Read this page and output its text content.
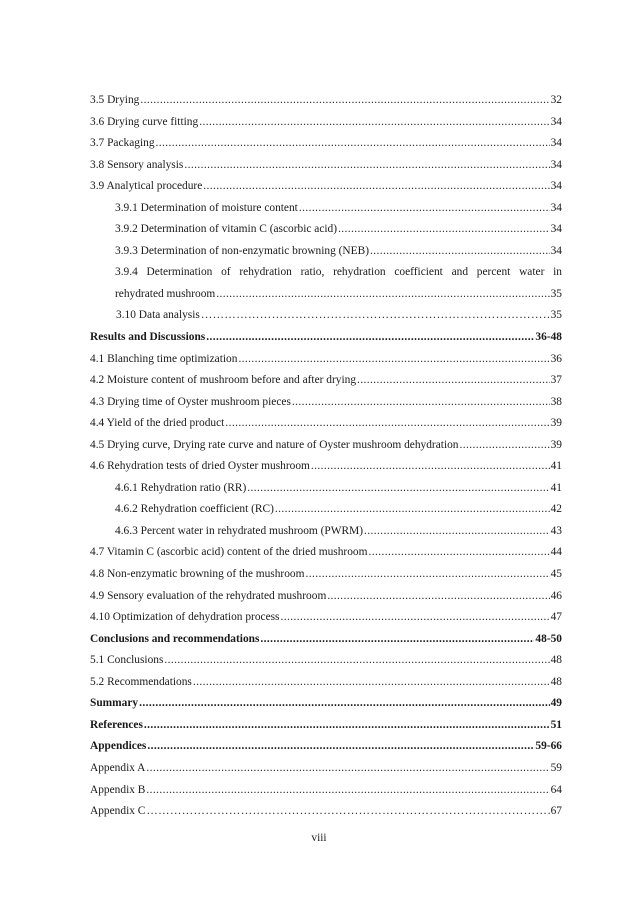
3.5 Drying .....	32
3.6 Drying curve fitting .....	34
3.7 Packaging .....	34
3.8 Sensory analysis .....	34
3.9 Analytical procedure .....	34
3.9.1 Determination of moisture content .....	34
3.9.2 Determination of vitamin C (ascorbic acid) .....	34
3.9.3 Determination of non-enzymatic browning (NEB) .....	34
3.9.4 Determination of rehydration ratio, rehydration coefficient and percent water in
rehydrated mushroom .....	35
3.10 Data analysis ……………………………………………………………………………………………………………………………………	35
Results and Discussions .....	36-48
4.1 Blanching time optimization .....	36
4.2 Moisture content of mushroom before and after drying .....	37
4.3 Drying time of Oyster mushroom pieces .....	38
4.4 Yield of the dried product .....	39
4.5 Drying curve, Drying rate curve and nature of Oyster mushroom dehydration .....	39
4.6 Rehydration tests of dried Oyster mushroom .....	41
4.6.1 Rehydration ratio (RR) .....	41
4.6.2 Rehydration coefficient (RC) .....	42
4.6.3 Percent water in rehydrated mushroom (PWRM) .....	43
4.7 Vitamin C (ascorbic acid) content of the dried mushroom .....	44
4.8 Non-enzymatic browning of the mushroom .....	45
4.9 Sensory evaluation of the rehydrated mushroom .....	46
4.10 Optimization of dehydration process .....	47
Conclusions and recommendations .....	48-50
5.1 Conclusions .....	48
5.2 Recommendations .....	48
Summary .....	49
References .....	51
Appendices .....	59-66
Appendix A .....	59
Appendix B .....	64
Appendix C ……………………………………………………………………………………………………………………………………	67
viii
